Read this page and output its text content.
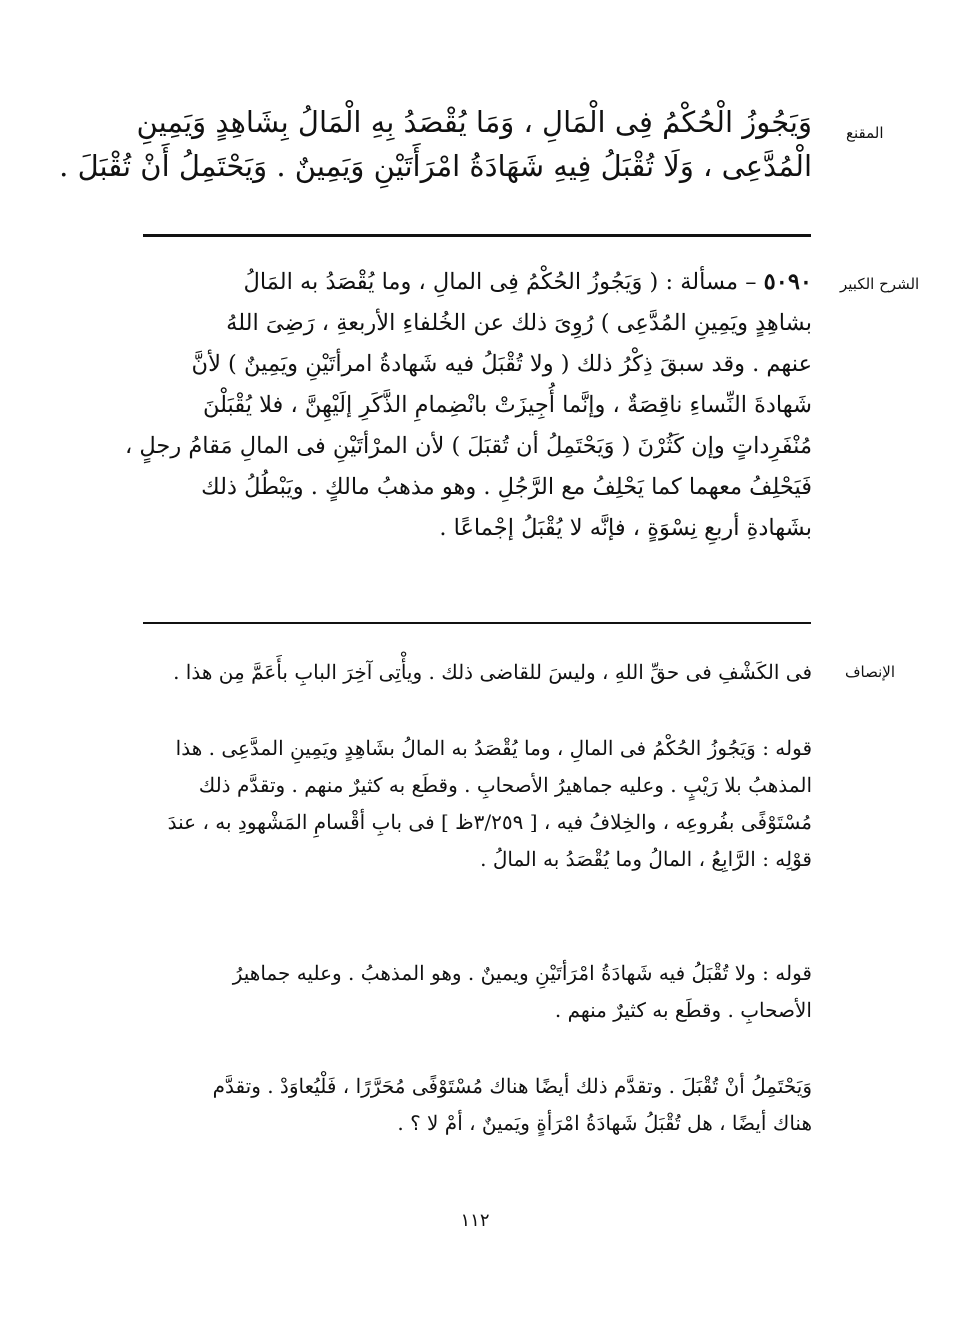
المقنع
الشرح الكبير
الإنصاف
وَيَجُوزُ الْحُكْمُ فِى الْمَالِ ، وَمَا يُقْصَدُ بِهِ الْمَالُ بِشَاهِدٍ وَيَمِينِ
الْمُدَّعِى ، وَلَا تُقْبَلُ فِيهِ شَهَادَةُ امْرَأَتَيْنِ وَيَمِينٌ . وَيَحْتَمِلُ أَنْ تُقْبَلَ .
٥٠٩٠ – مسألة : ( وَيَجُوزُ الحُكْمُ فِى المالِ ، وما يُقْصَدُ به المَالُ
بشاهِدٍ ويَمِينِ المُدَّعِى ) رُوِىَ ذلك عن الخُلفاءِ الأربعةِ ، رَضِىَ اللهُ
عنهم . وقد سبقَ ذِكْرُ ذلك ( ولا تُقْبَلُ فيه شَهادةُ امرأتَيْنِ ويَمِينٌ ) لأنَّ
شَهادةَ النِّساءِ ناقِصَةٌ ، وإنَّما أُجِيزَتْ بانْضِمامِ الذَّكَرِ إلَيْهِنَّ ، فلا يُقْبَلْنَ
مُنْفَرِداتٍ وإن كَثُرْنَ ( وَيَحْتَمِلُ أن تُقبَلَ ) لأن المرْأتَيْنِ فى المالِ مَقامُ رجلٍ ،
فَيَحْلِفُ معهما كما يَحْلِفُ مع الرَّجُلِ . وهو مذهبُ مالكٍ . ويَبْطُلُ ذلك
بشَهادةِ أربعِ نِسْوَةٍ ، فإنَّه لا يُقْبَلُ إجْماعًا .
فى الكَشْفِ فى حقِّ اللهِ ، وليسَ للقاضى ذلك . ويأْتِى آخِرَ البابِ بأَعَمَّ مِن هذا .
قوله : وَيَجُوزُ الحُكْمُ فى المالِ ، وما يُقْصَدُ به المالُ بشَاهِدٍ ويَمِينِ المدَّعِى . هذا
المذهبُ بلا رَيْبٍ . وعليه جماهيرُ الأصحابِ . وقطَع به كثيرٌ منهم . وتقدَّم ذلك
مُسْتَوْفًى بفُروعِه ، والخِلافُ فيه ، [ ٣/٢٥٩ظ ] فى بابِ أقْسامِ المَشْهودِ به ، عندَ
قوْلِه : الرَّابِعُ ، المالُ وما يُقْصَدُ به المالُ .
قوله : ولا تُقْبَلُ فيه شَهادَةُ امْرَأتَيْنِ ويمينٌ . وهو المذهبُ . وعليه جماهيرُ
الأصحابِ . وقطَع به كثيرٌ منهم .
وَيَحْتَمِلُ أنْ تُقْبَلَ . وتقدَّم ذلك أيضًا هناك مُسْتَوْفًى مُحَرَّرًا ، فَلْيُعاوَدْ . وتقدَّم
هناك أيضًا ، هل تُقْبَلُ شَهادَةُ امْرَأةٍ ويَمينٌ ، أمْ لا ؟ .
١١٢
